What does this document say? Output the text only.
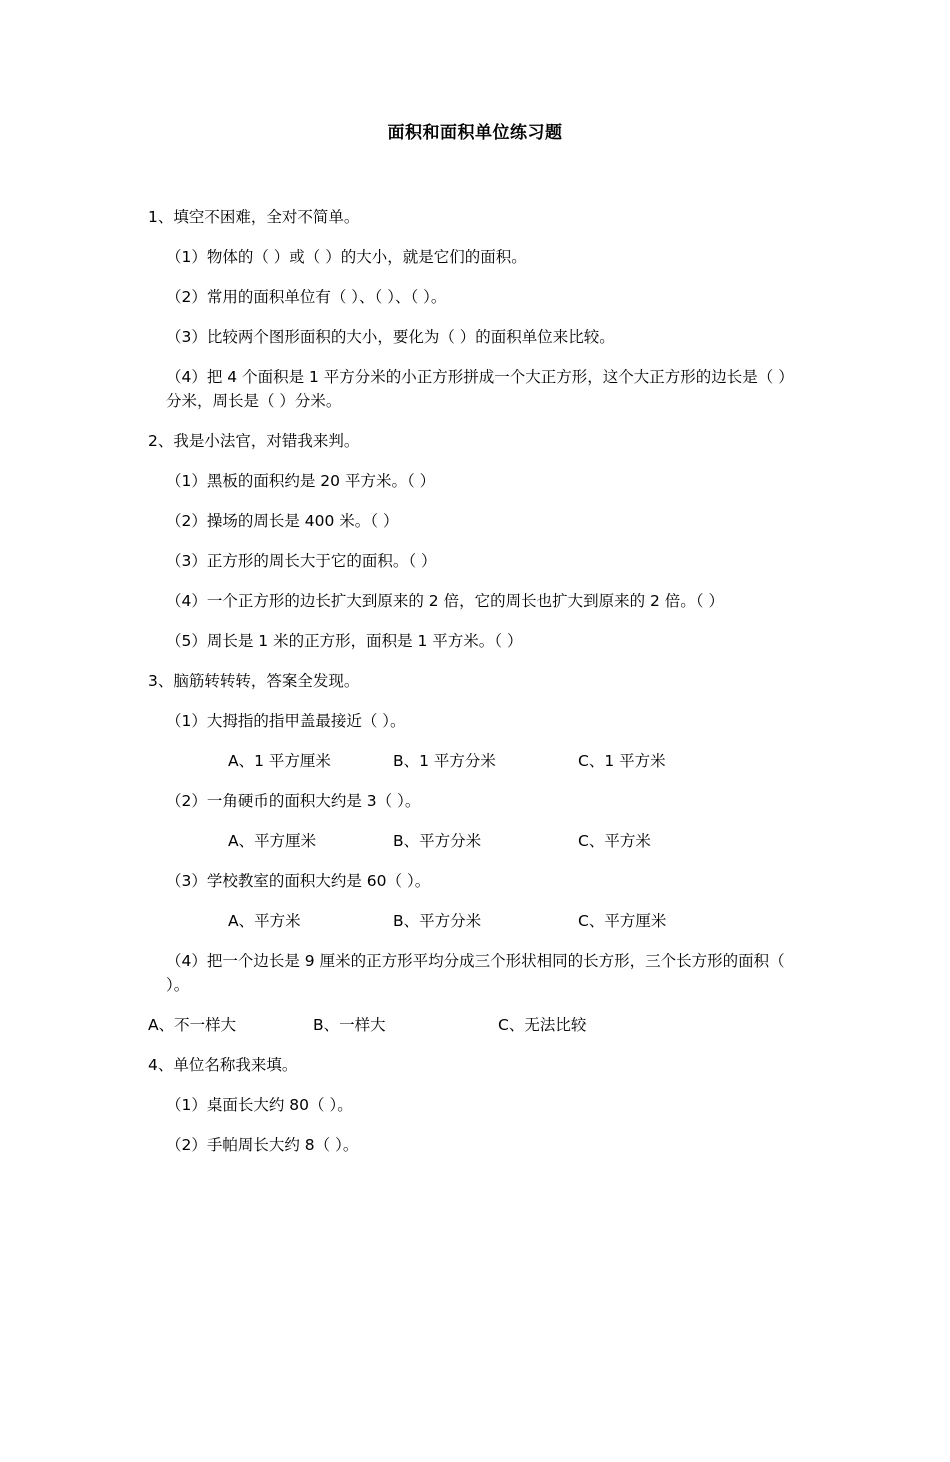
面积和面积单位练习题

1、填空不困难，全对不简单。

（1）物体的（ ）或（ ）的大小，就是它们的面积。

（2）常用的面积单位有（ ）、（ ）、（ ）。

（3）比较两个图形面积的大小，要化为（ ）的面积单位来比较。

（4）把 4 个面积是 1 平方分米的小正方形拼成一个大正方形，这个大正方形的边长是（ ）分米，周长是（ ）分米。

2、我是小法官，对错我来判。

（1）黑板的面积约是 20 平方米。（ ）

（2）操场的周长是 400 米。（ ）

（3）正方形的周长大于它的面积。（ ）

（4）一个正方形的边长扩大到原来的 2 倍，它的周长也扩大到原来的 2 倍。（ ）

（5）周长是 1 米的正方形，面积是 1 平方米。（ ）

3、脑筋转转转，答案全发现。

（1）大拇指的指甲盖最接近（ ）。

A、1 平方厘米	B、1 平方分米	C、1 平方米

（2）一角硬币的面积大约是 3（ ）。

A、平方厘米	B、平方分米	C、平方米

（3）学校教室的面积大约是 60（ ）。

A、平方米	B、平方分米	C、平方厘米

（4）把一个边长是 9 厘米的正方形平均分成三个形状相同的长方形，三个长方形的面积（ ）。

A、不一样大	B、一样大	C、无法比较

4、单位名称我来填。

（1）桌面长大约 80（ ）。

（2）手帕周长大约 8（ ）。
